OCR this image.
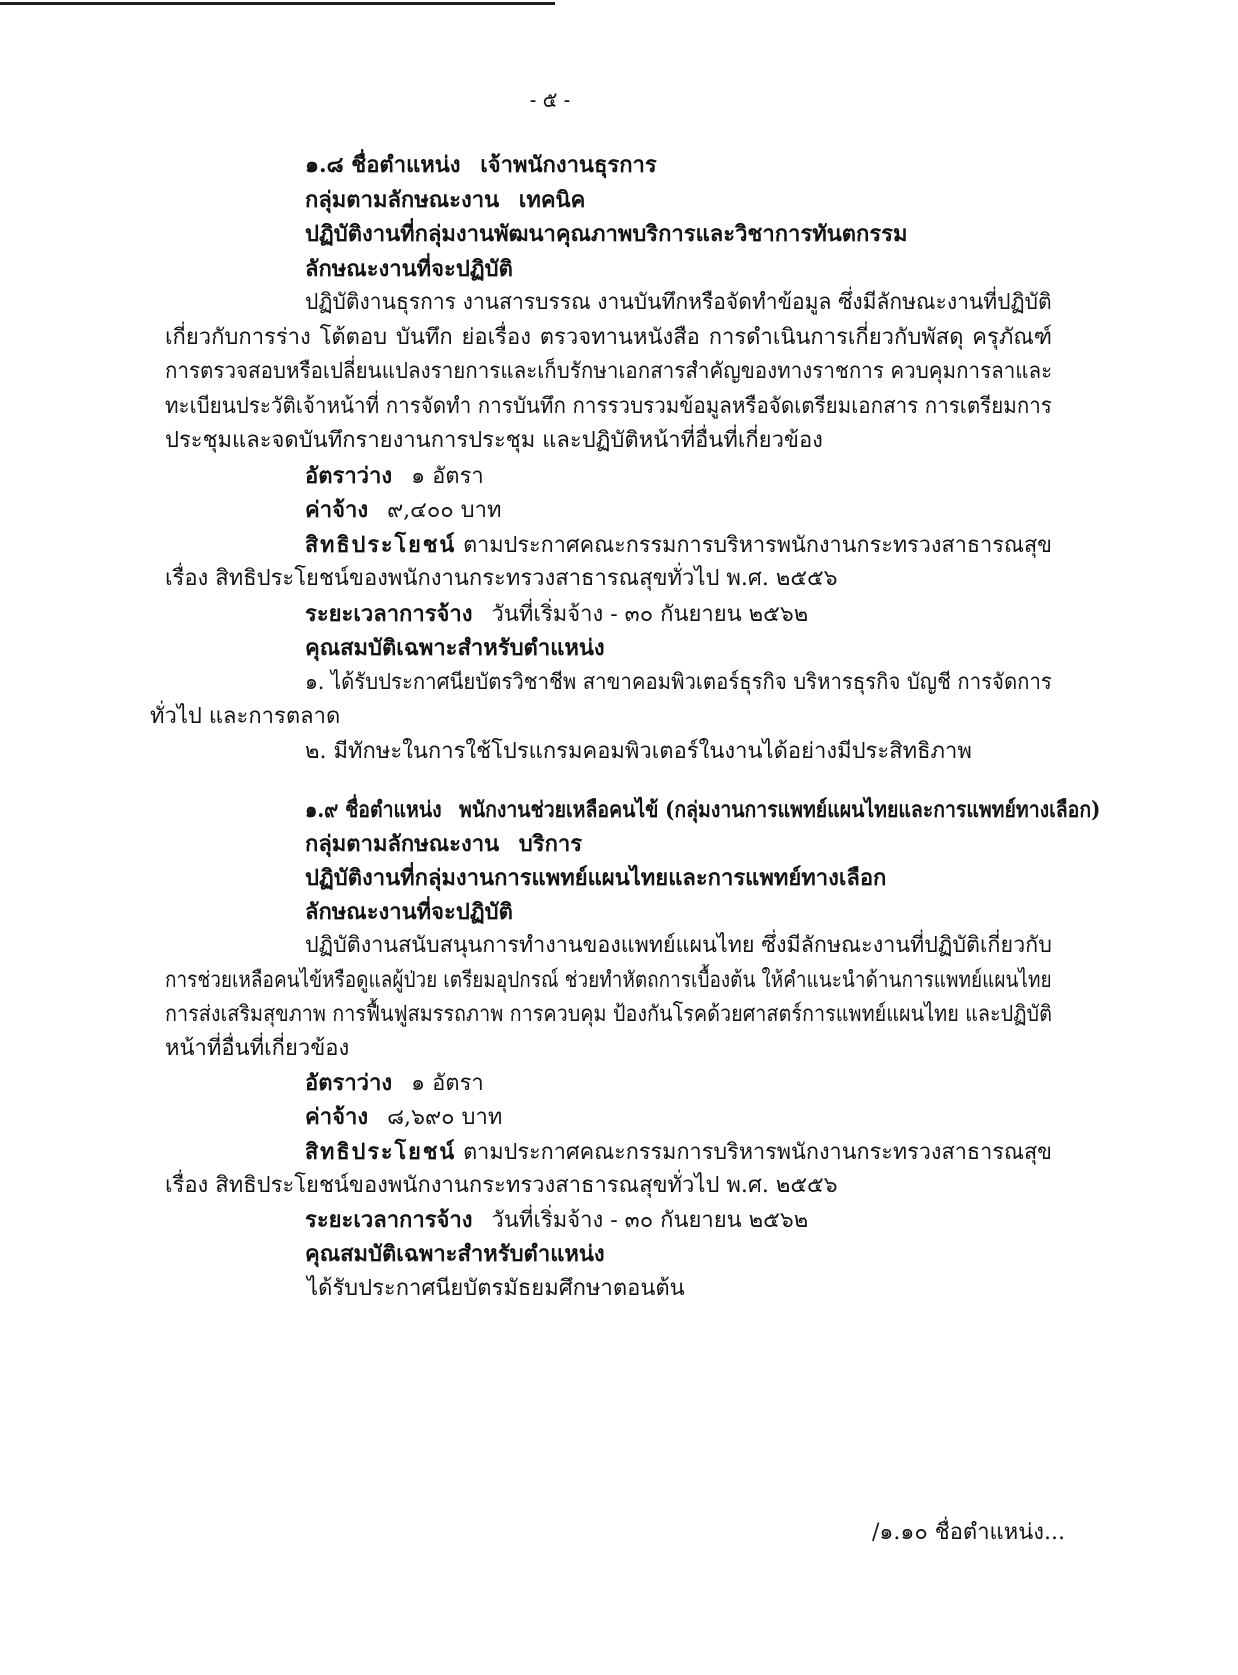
- ๕ -
๑.๘ ชื่อตำแหน่ง เจ้าพนักงานธุรการ
กลุ่มตามลักษณะงาน เทคนิค
ปฏิบัติงานที่กลุ่มงานพัฒนาคุณภาพบริการและวิชาการทันตกรรม
ลักษณะงานที่จะปฏิบัติ
ปฏิบัติงานธุรการ งานสารบรรณ งานบันทึกหรือจัดทำข้อมูล ซึ่งมีลักษณะงานที่ปฏิบัติ
เกี่ยวกับการร่าง โต้ตอบ บันทึก ย่อเรื่อง ตรวจทานหนังสือ การดำเนินการเกี่ยวกับพัสดุ ครุภัณฑ์
การตรวจสอบหรือเปลี่ยนแปลงรายการและเก็บรักษาเอกสารสำคัญของทางราชการ ควบคุมการลาและ
ทะเบียนประวัติเจ้าหน้าที่ การจัดทำ การบันทึก การรวบรวมข้อมูลหรือจัดเตรียมเอกสาร การเตรียมการ
ประชุมและจดบันทึกรายงานการประชุม และปฏิบัติหน้าที่อื่นที่เกี่ยวข้อง
อัตราว่าง ๑ อัตรา
ค่าจ้าง ๙,๔๐๐ บาท
สิทธิประโยชน์ ตามประกาศคณะกรรมการบริหารพนักงานกระทรวงสาธารณสุข
เรื่อง สิทธิประโยชน์ของพนักงานกระทรวงสาธารณสุขทั่วไป พ.ศ. ๒๕๕๖
ระยะเวลาการจ้าง วันที่เริ่มจ้าง - ๓๐ กันยายน ๒๕๖๒
คุณสมบัติเฉพาะสำหรับตำแหน่ง
๑. ได้รับประกาศนียบัตรวิชาชีพ สาขาคอมพิวเตอร์ธุรกิจ บริหารธุรกิจ บัญชี การจัดการ
ทั่วไป และการตลาด
๒. มีทักษะในการใช้โปรแกรมคอมพิวเตอร์ในงานได้อย่างมีประสิทธิภาพ
๑.๙ ชื่อตำแหน่ง พนักงานช่วยเหลือคนไข้ (กลุ่มงานการแพทย์แผนไทยและการแพทย์ทางเลือก)
กลุ่มตามลักษณะงาน บริการ
ปฏิบัติงานที่กลุ่มงานการแพทย์แผนไทยและการแพทย์ทางเลือก
ลักษณะงานที่จะปฏิบัติ
ปฏิบัติงานสนับสนุนการทำงานของแพทย์แผนไทย ซึ่งมีลักษณะงานที่ปฏิบัติเกี่ยวกับ
การช่วยเหลือคนไข้หรือดูแลผู้ป่วย เตรียมอุปกรณ์ ช่วยทำหัตถการเบื้องต้น ให้คำแนะนำด้านการแพทย์แผนไทย
การส่งเสริมสุขภาพ การฟื้นฟูสมรรถภาพ การควบคุม ป้องกันโรคด้วยศาสตร์การแพทย์แผนไทย และปฏิบัติ
หน้าที่อื่นที่เกี่ยวข้อง
อัตราว่าง ๑ อัตรา
ค่าจ้าง ๘,๖๙๐ บาท
สิทธิประโยชน์ ตามประกาศคณะกรรมการบริหารพนักงานกระทรวงสาธารณสุข
เรื่อง สิทธิประโยชน์ของพนักงานกระทรวงสาธารณสุขทั่วไป พ.ศ. ๒๕๕๖
ระยะเวลาการจ้าง วันที่เริ่มจ้าง - ๓๐ กันยายน ๒๕๖๒
คุณสมบัติเฉพาะสำหรับตำแหน่ง
ได้รับประกาศนียบัตรมัธยมศึกษาตอนต้น
/๑.๑๐ ชื่อตำแหน่ง...
